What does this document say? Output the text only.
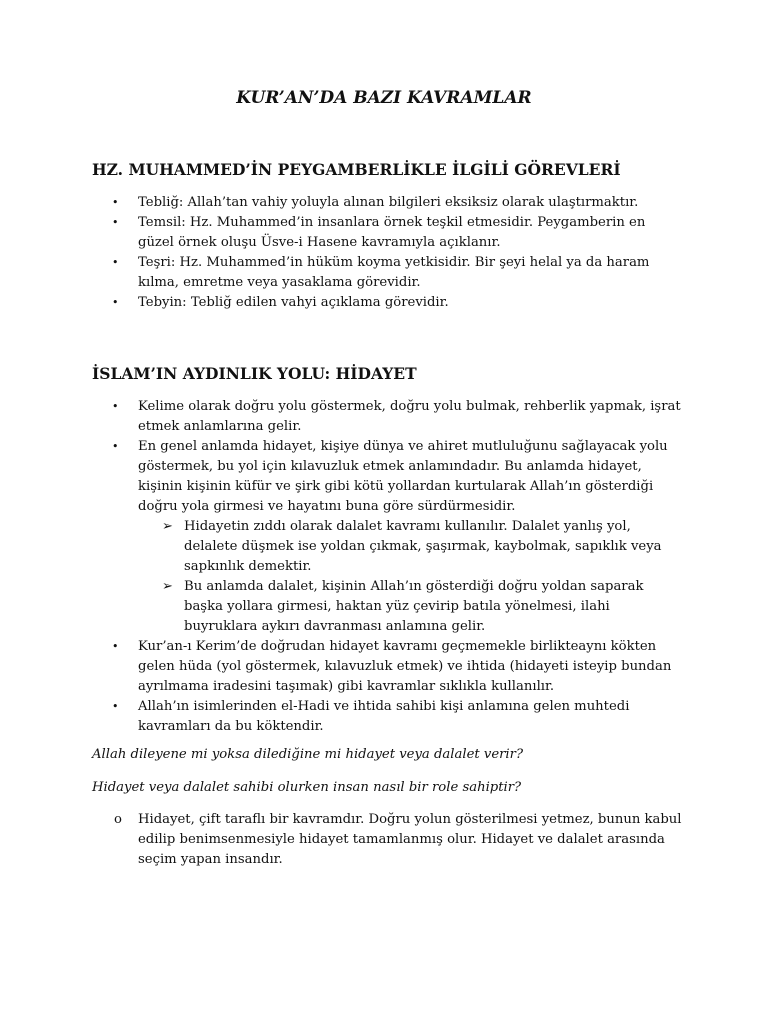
KUR’AN’DA BAZI KAVRAMLAR
HZ. MUHAMMED’İN PEYGAMBERLİKLE İLGİLİ GÖREVLERİ
•	Tebliğ: Allah’tan vahiy yoluyla alınan bilgileri eksiksiz olarak ulaştırmaktır.
•	Temsil: Hz. Muhammed’in insanlara örnek teşkil etmesidir. Peygamberin en güzel örnek oluşu Üsve-i Hasene kavramıyla açıklanır.
•	Teşri: Hz. Muhammed’in hüküm koyma yetkisidir. Bir şeyi helal ya da haram kılma, emretme veya yasaklama görevidir.
•	Tebyin: Tebliğ edilen vahyi açıklama görevidir.
İSLAM’IN AYDINLIK YOLU: HİDAYET
•	Kelime olarak doğru yolu göstermek, doğru yolu bulmak, rehberlik yapmak, işrat etmek anlamlarına gelir.
•	En genel anlamda hidayet, kişiye dünya ve ahiret mutluluğunu sağlayacak yolu göstermek, bu yol için kılavuzluk etmek anlamındadır. Bu anlamda hidayet, kişinin kişinin küfür ve şirk gibi kötü yollardan kurtularak Allah’ın gösterdiği doğru yola girmesi ve hayatını buna göre sürdürmesidir.
➢ Hidayetin zıddı olarak dalalet kavramı kullanılır. Dalalet yanlış yol, delalete düşmek ise yoldan çıkmak, şaşırmak, kaybolmak, sapıklık veya sapkınlık demektir.
➢ Bu anlamda dalalet, kişinin Allah’ın gösterdiği doğru yoldan saparak başka yollara girmesi, haktan yüz çevirip batıla yönelmesi, ilahi buyruklara aykırı davranması anlamına gelir.
•	Kur’an-ı Kerim’de doğrudan hidayet kavramı geçmemekle birlikteaynı kökten gelen hüda (yol göstermek, kılavuzluk etmek) ve ihtida (hidayeti isteyip bundan ayrılmama iradesini taşımak) gibi kavramlar sıklıkla kullanılır.
•	Allah’ın isimlerinden el-Hadi ve ihtida sahibi kişi anlamına gelen muhtedi kavramları da bu köktendir.

Allah dileyene mi yoksa dilediğine mi hidayet veya dalalet verir?

Hidayet veya dalalet sahibi olurken insan nasıl bir role sahiptir?

o	Hidayet, çift taraflı bir kavramdır. Doğru yolun gösterilmesi yetmez, bunun kabul edilip benimsenmesiyle hidayet tamamlanmış olur. Hidayet ve dalalet arasında seçim yapan insandır.
